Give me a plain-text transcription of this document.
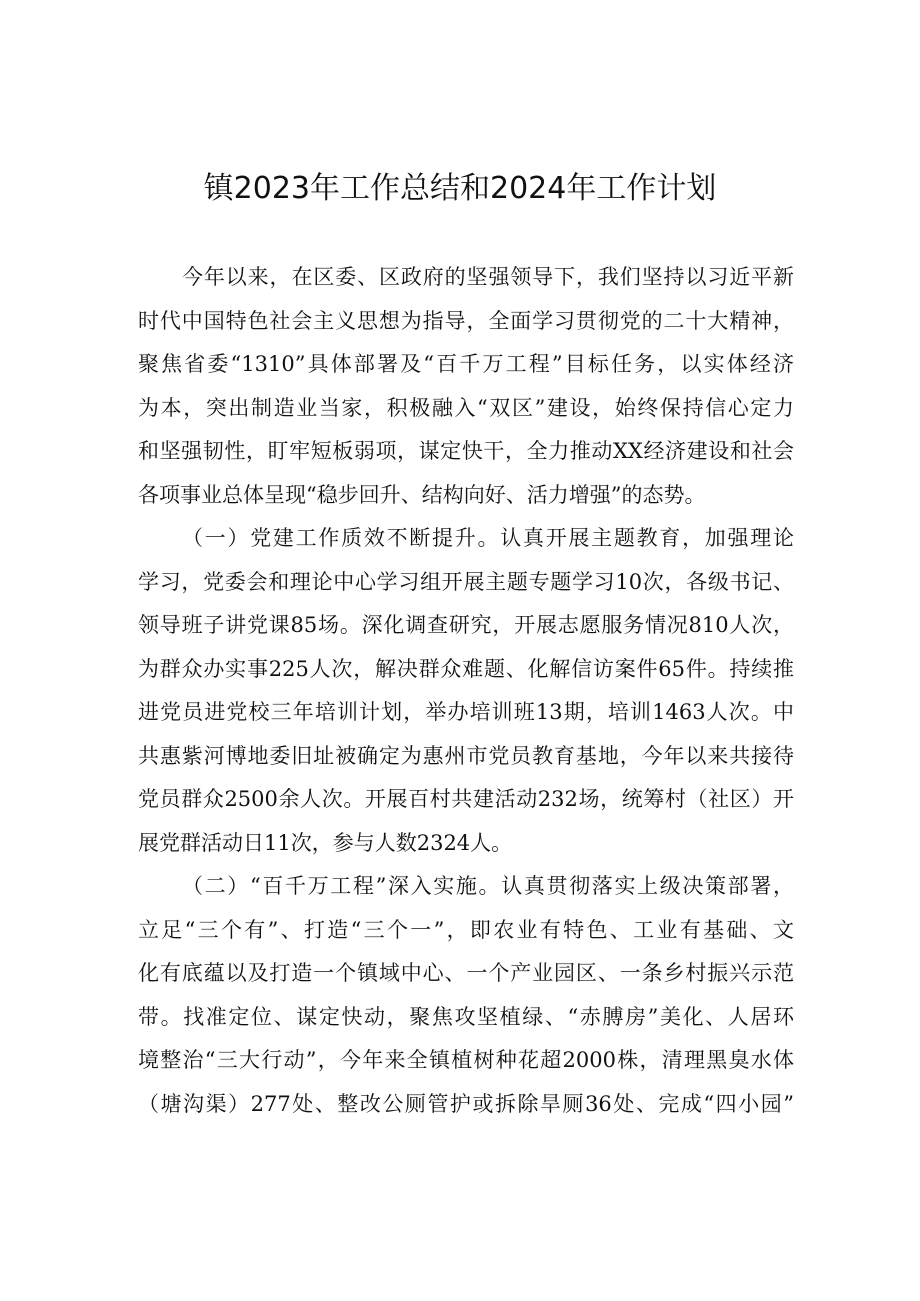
镇2023年工作总结和2024年工作计划
今年以来，在区委、区政府的坚强领导下，我们坚持以习近平新
时代中国特色社会主义思想为指导，全面学习贯彻党的二十大精神，
聚焦省委“1310”具体部署及“百千万工程”目标任务，以实体经济
为本，突出制造业当家，积极融入“双区”建设，始终保持信心定力
和坚强韧性，盯牢短板弱项，谋定快干，全力推动XX经济建设和社会
各项事业总体呈现“稳步回升、结构向好、活力增强”的态势。
（一）党建工作质效不断提升。认真开展主题教育，加强理论
学习，党委会和理论中心学习组开展主题专题学习10次，各级书记、
领导班子讲党课85场。深化调查研究，开展志愿服务情况810人次，
为群众办实事225人次，解决群众难题、化解信访案件65件。持续推
进党员进党校三年培训计划，举办培训班13期，培训1463人次。中
共惠紫河博地委旧址被确定为惠州市党员教育基地，今年以来共接待
党员群众2500余人次。开展百村共建活动232场，统筹村（社区）开
展党群活动日11次，参与人数2324人。
（二）“百千万工程”深入实施。认真贯彻落实上级决策部署，
立足“三个有”、打造“三个一”，即农业有特色、工业有基础、文
化有底蕴以及打造一个镇域中心、一个产业园区、一条乡村振兴示范
带。找准定位、谋定快动，聚焦攻坚植绿、“赤膊房”美化、人居环
境整治“三大行动”，今年来全镇植树种花超2000株，清理黑臭水体
（塘沟渠）277处、整改公厕管护或拆除旱厕36处、完成“四小园”
